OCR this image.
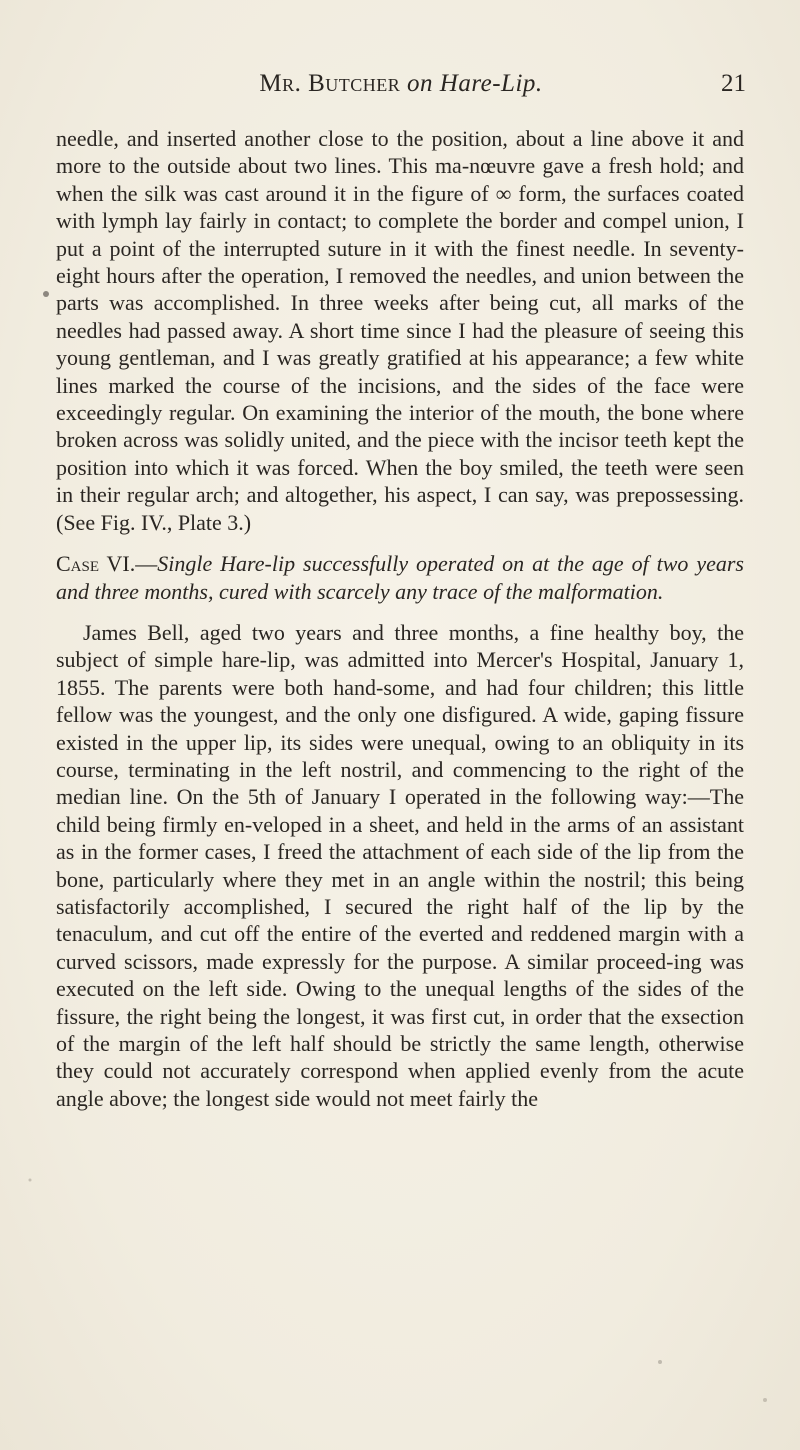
Mr. Butcher on Hare-Lip.	21

needle, and inserted another close to the position, about a line above it and more to the outside about two lines. This ma-nœuvre gave a fresh hold; and when the silk was cast around it in the figure of ∞ form, the surfaces coated with lymph lay fairly in contact; to complete the border and compel union, I put a point of the interrupted suture in it with the finest needle. In seventy-eight hours after the operation, I removed the needles, and union between the parts was accomplished. In three weeks after being cut, all marks of the needles had passed away. A short time since I had the pleasure of seeing this young gentleman, and I was greatly gratified at his appearance; a few white lines marked the course of the incisions, and the sides of the face were exceedingly regular. On examining the interior of the mouth, the bone where broken across was solidly united, and the piece with the incisor teeth kept the position into which it was forced. When the boy smiled, the teeth were seen in their regular arch; and altogether, his aspect, I can say, was prepossessing. (See Fig. IV., Plate 3.)

Case VI.—Single Hare-lip successfully operated on at the age of two years and three months, cured with scarcely any trace of the malformation.

James Bell, aged two years and three months, a fine healthy boy, the subject of simple hare-lip, was admitted into Mercer's Hospital, January 1, 1855. The parents were both hand-some, and had four children; this little fellow was the youngest, and the only one disfigured. A wide, gaping fissure existed in the upper lip, its sides were unequal, owing to an obliquity in its course, terminating in the left nostril, and commencing to the right of the median line. On the 5th of January I operated in the following way:—The child being firmly en-veloped in a sheet, and held in the arms of an assistant as in the former cases, I freed the attachment of each side of the lip from the bone, particularly where they met in an angle within the nostril; this being satisfactorily accomplished, I secured the right half of the lip by the tenaculum, and cut off the entire of the everted and reddened margin with a curved scissors, made expressly for the purpose. A similar proceed-ing was executed on the left side. Owing to the unequal lengths of the sides of the fissure, the right being the longest, it was first cut, in order that the exsection of the margin of the left half should be strictly the same length, otherwise they could not accurately correspond when applied evenly from the acute angle above; the longest side would not meet fairly the
